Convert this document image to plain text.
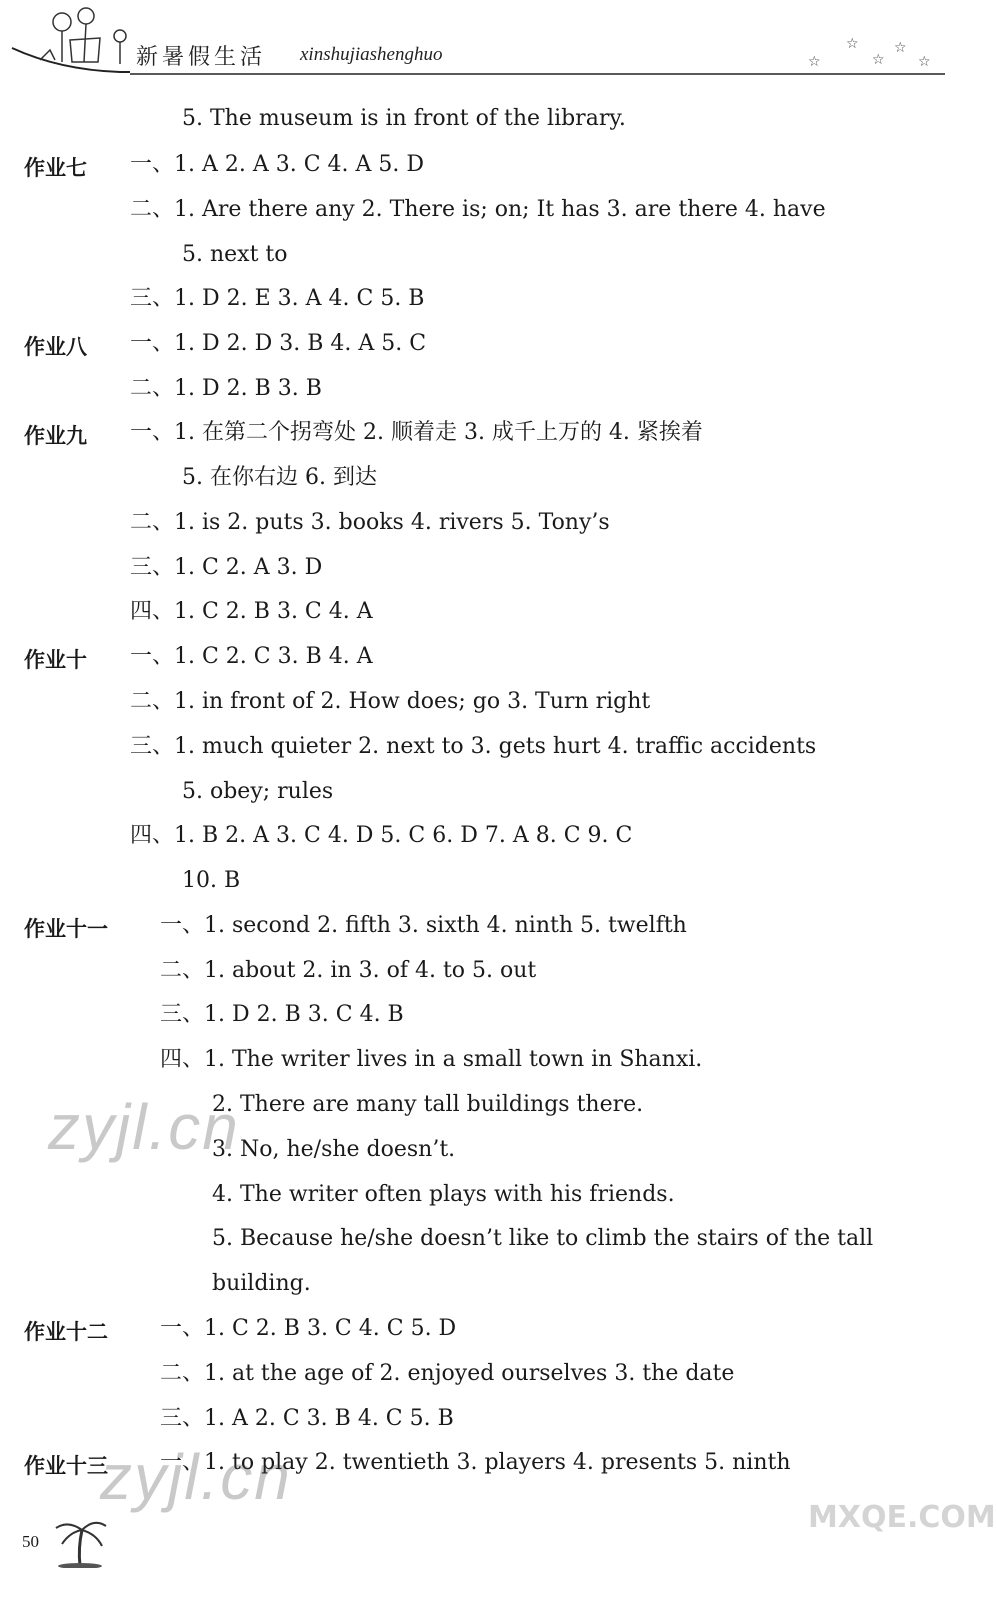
☆
☆
☆
☆
☆
新暑假生活 xinshujiashenghuo
5. The museum is in front of the library.
作业七 一、1. A 2. A 3. C 4. A 5. D
二、1. Are there any 2. There is; on; It has 3. are there 4. have
5. next to
三、1. D 2. E 3. A 4. C 5. B
作业八 一、1. D 2. D 3. B 4. A 5. C
二、1. D 2. B 3. B
作业九 一、1. 在第二个拐弯处 2. 顺着走 3. 成千上万的 4. 紧挨着
5. 在你右边 6. 到达
二、1. is 2. puts 3. books 4. rivers 5. Tony’s
三、1. C 2. A 3. D
四、1. C 2. B 3. C 4. A
作业十 一、1. C 2. C 3. B 4. A
二、1. in front of 2. How does; go 3. Turn right
三、1. much quieter 2. next to 3. gets hurt 4. traffic accidents
5. obey; rules
四、1. B 2. A 3. C 4. D 5. C 6. D 7. A 8. C 9. C
10. B
作业十一 一、1. second 2. fifth 3. sixth 4. ninth 5. twelfth
二、1. about 2. in 3. of 4. to 5. out
三、1. D 2. B 3. C 4. B
四、1. The writer lives in a small town in Shanxi.
2. There are many tall buildings there.
3. No, he/she doesn’t.
4. The writer often plays with his friends.
5. Because he/she doesn’t like to climb the stairs of the tall
building.
作业十二 一、1. C 2. B 3. C 4. C 5. D
二、1. at the age of 2. enjoyed ourselves 3. the date
三、1. A 2. C 3. B 4. C 5. B
作业十三 一、1. to play 2. twentieth 3. players 4. presents 5. ninth
zyjl.cn
zyjl.cn
MXQE.COM
50
